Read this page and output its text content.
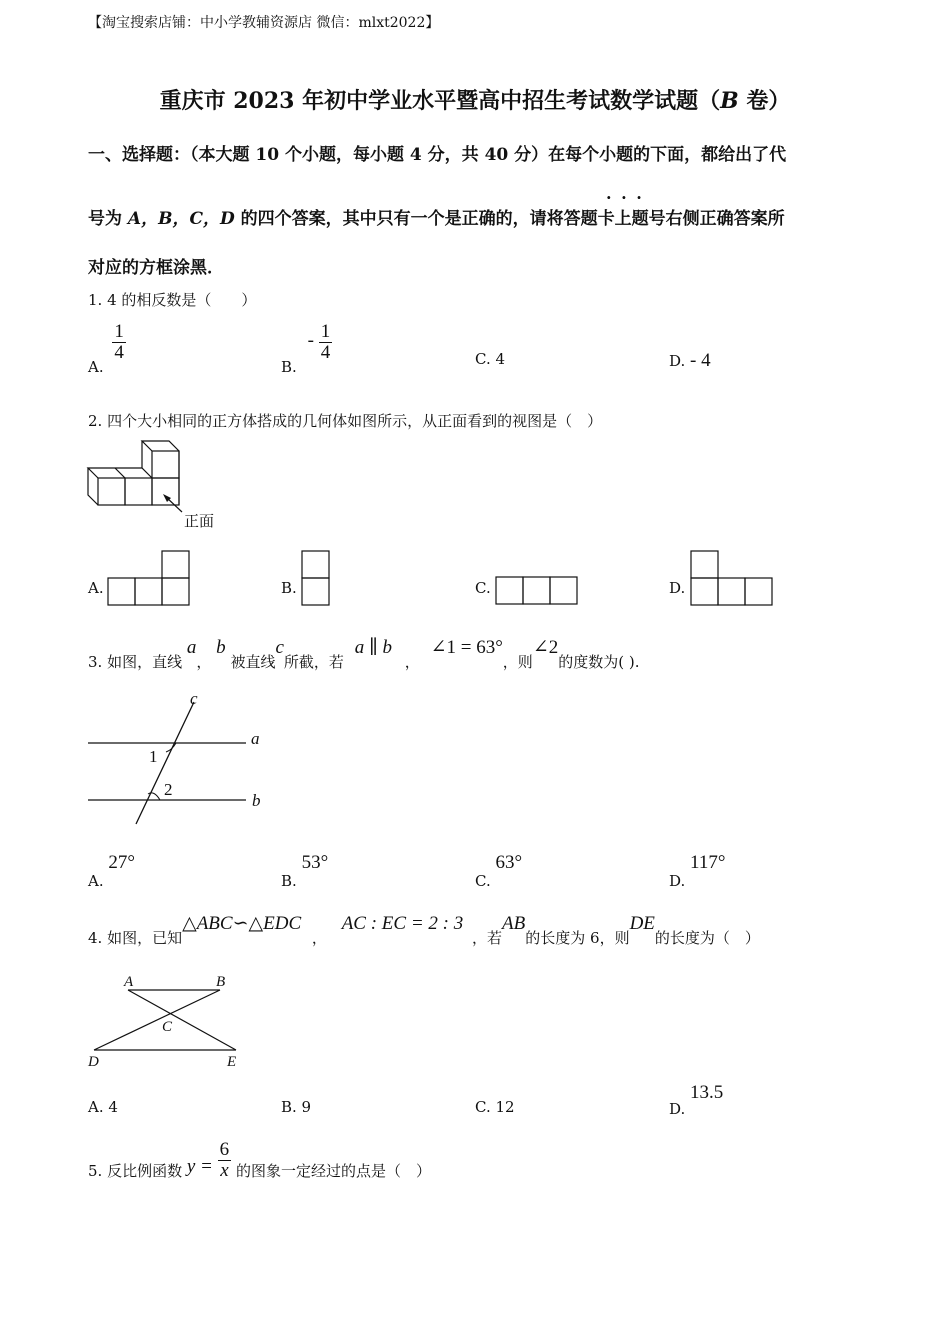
【淘宝搜索店铺：中小学教辅资源店 微信：mlxt2022】
重庆市 2023 年初中学业水平暨高中招生考试数学试题（B 卷）
一、选择题：（本大题 10 个小题，每小题 4 分，共 40 分）在每个小题的下面，都给出了代
· · ·
号为 A，B，C，D 的四个答案，其中只有一个是正确的，请将答题卡上题号右侧正确答案所
对应的方框涂黑．
1. 4 的相反数是（　　）
A.
$\frac{1}{4}$
B. - $\frac{1}{4}$	C. 4	D. - 4
2. 四个大小相同的正方体搭成的几何体如图所示，从正面看到的视图是（　）
正面
A.	B.	C.	D.
3. 如图，直线 a， b 被直线c所截，若 a ∥ b ， ∠1 = 63°，则∠2的度数为( ).
c
a
b
1
2
A. 27°
B. 53°
C. 63°
D. 117°
4. 如图，已知△ABC∽△EDC ， AC : EC = 2 : 3 ，若AB的长度为 6，则DE的长度为（　）
A	B
C
D	E
A. 4	B. 9	C. 12	D. 13.5
5. 反比例函数 $y = \frac{6}{x}$ 的图象一定经过的点是（　）
